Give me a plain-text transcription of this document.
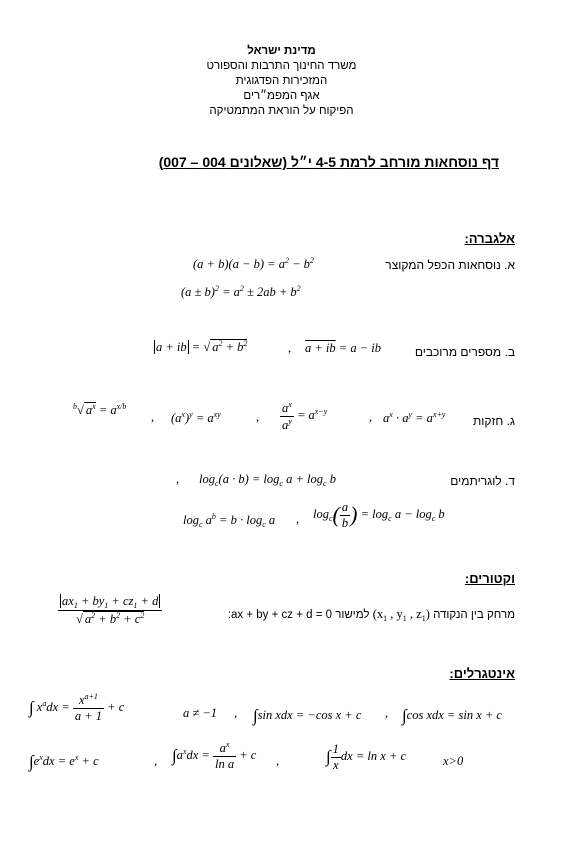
מדינת ישראל
משרד החינוך התרבות והספורט
המזכירות הפדגוגית
אגף המפמ״רים
הפיקוח על הוראת המתמטיקה
דף נוסחאות מורחב לרמת 4-5 י״ל (שאלונים 004 – 007)
אלגברה:
א. נוסחאות הכפל המקוצר
$(a + b)(a - b) = a^2 - b^2$
$(a \pm b)^2 = a^2 \pm 2ab + b^2$
ב. מספרים מרוכבים
a + ib = a − ib
,
a + ib = √ $a^2 + b^2$
ג. חזקות
$a^x \cdot a^y = a^{x+y}$
,
$\frac{a^x}{a^y} = a^{x-y}$
,
$(a^x)^y = a^{xy}$
,
$^b$√ $a^x = a^{x/b}$
ד. לוגריתמים
$\log_c(a \cdot b) = \log_c a + \log_c b$
,
$\log_c( \frac{a}{b}$ ) = $\log_c a - \log_c b$
,
$\log_c a^b = b \cdot \log_c a$
וקטורים:
מרחק בין הנקודה ($x_1$ , $y_1$ , $z_1$) למישור ax + by + cz + d = 0:
$\frac{ax_1 + by_1 + cz_1 + d}{√ a^2 + b^2 + c^2}$
אינטגרלים:
∫cos xdx = sin x + c
,
∫sin xdx = −cos x + c
,
a ≠ −1
∫ $x^adx = \frac{x^{a+1}}{a + 1} + c$
x>0
∫ $\frac{1}{x}$ dx = ln x + c
,
$\int a^xdx = \frac{a^x}{\text{ln a}} + c$
,
$\int e^xdx = e^x + c$
